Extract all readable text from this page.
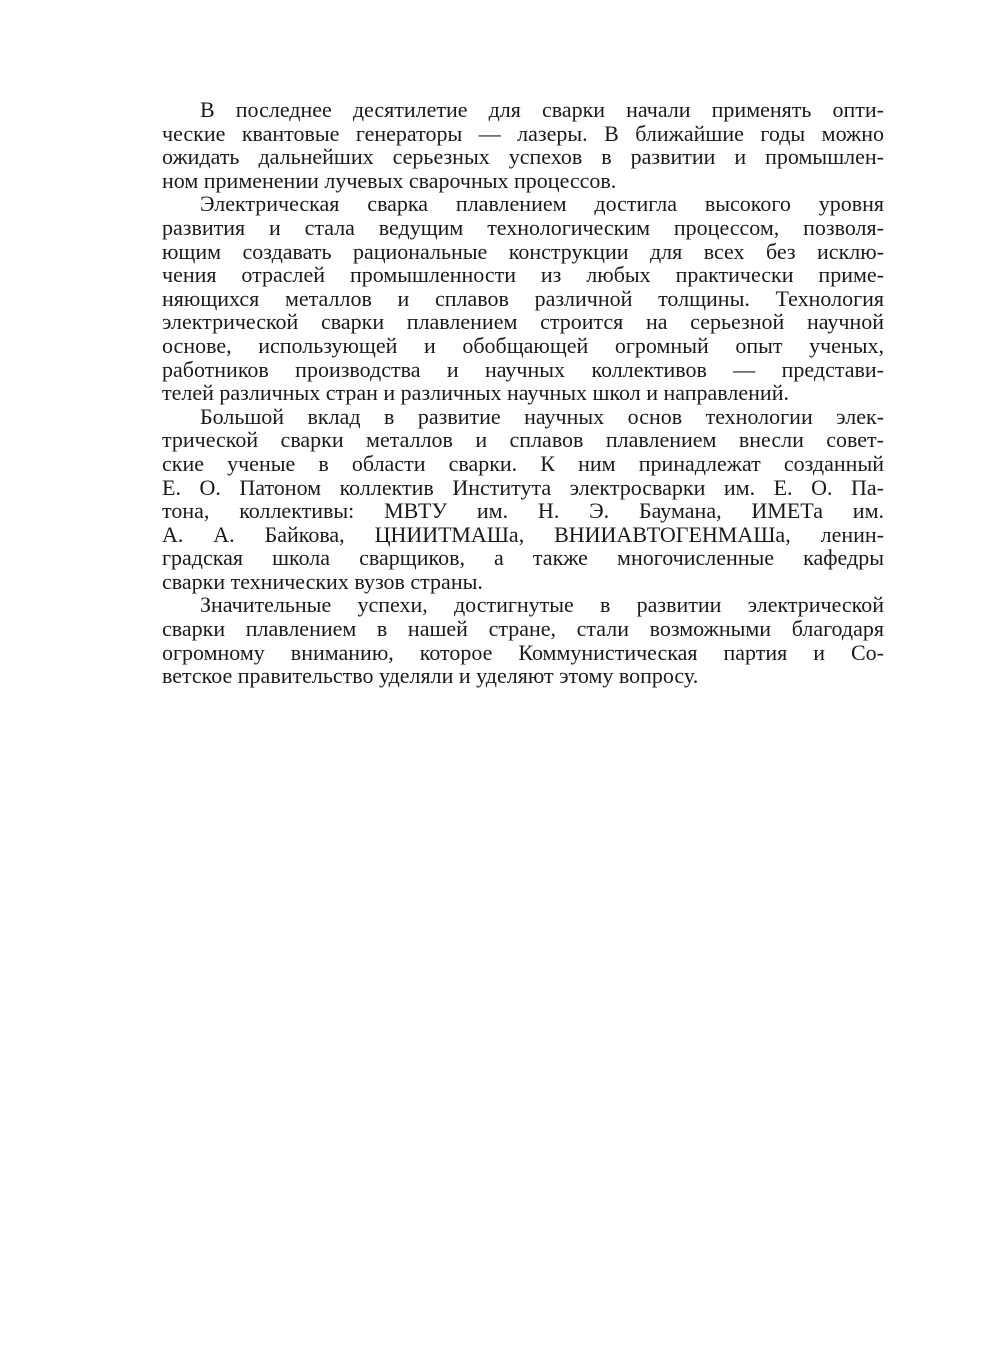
В последнее десятилетие для сварки начали применять опти-
ческие квантовые генераторы — лазеры. В ближайшие годы можно
ожидать дальнейших серьезных успехов в развитии и промышлен-
ном применении лучевых сварочных процессов.

Электрическая сварка плавлением достигла высокого уровня
развития и стала ведущим технологическим процессом, позволя-
ющим создавать рациональные конструкции для всех без исклю-
чения отраслей промышленности из любых практически приме-
няющихся металлов и сплавов различной толщины. Технология
электрической сварки плавлением строится на серьезной научной
основе, использующей и обобщающей огромный опыт ученых,
работников производства и научных коллективов — представи-
телей различных стран и различных научных школ и направлений.

Большой вклад в развитие научных основ технологии элек-
трической сварки металлов и сплавов плавлением внесли совет-
ские ученые в области сварки. К ним принадлежат созданный
Е. О. Патоном коллектив Института электросварки им. Е. О. Па-
тона, коллективы: МВТУ им. Н. Э. Баумана, ИМЕТа им.
А. А. Байкова, ЦНИИТМАШа, ВНИИАВТОГЕНМАШа, ленин-
градская школа сварщиков, а также многочисленные кафедры
сварки технических вузов страны.

Значительные успехи, достигнутые в развитии электрической
сварки плавлением в нашей стране, стали возможными благодаря
огромному вниманию, которое Коммунистическая партия и Со-
ветское правительство уделяли и уделяют этому вопросу.
